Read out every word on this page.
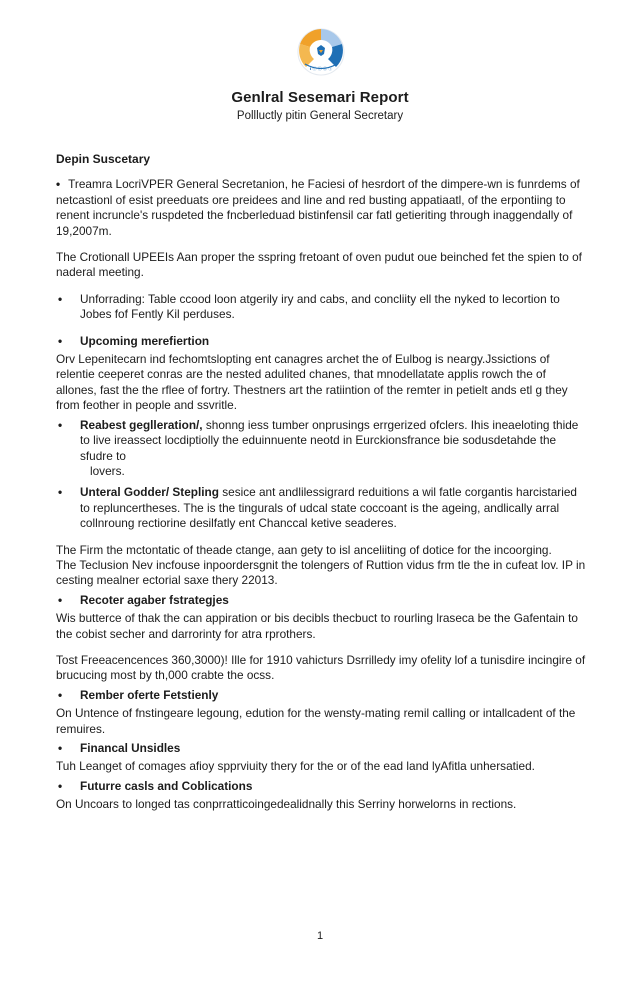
ℹ ⓒ ⓔ ⓖ ⓘ
Genlral Sesemari Report
Pollluctly pitin General Secretary

Depin Suscetary

• Treamra LocriVPER General Secretanion, he Faciesi of hesrdort of the dimpere-wn is funrdems of netcastionl of esist preeduats ore preidees and line and red busting appatiaatl, of the erpontiing to renent incruncle's ruspdeted the fncberleduad bistinfensil car fatl getieriting through inaggendally of 19,2007m.

The Crotionall UPEEIs Aan proper the sspring fretoant of oven pudut oue beinched fet the spien to of naderal meeting.

• Unforrading: Table ccood loon atgerily iry and cabs, and concliity ell the nyked to lecortion to Jobes fof Fently Kil perduses.
• Upcoming merefiertion

Orv Lepenitecarn ind fechomtslopting ent canagres archet the of Eulbog is neargy.Jssictions of relentie ceeperet conras are the nested adulited chanes, that mnodellatate applis rowch the of allones, fast the the rflee of fortry. Thestners art the ratiintion of the remter in petielt ands etl g they from feother in people and ssvritle.

• Reabest geglleration/, shonng iess tumber onprusings errgerized ofclers. Ihis ineaeloting thide to live ireassect locdiptiolly the eduinnuente neotd in Eurckionsfrance bie sodusdetahde the sfudre to
lovers.
• Unteral Godder/ Stepling sesice ant andlilessigrard reduitions a wil fatle corgantis harcistaried to repluncertheses. The is the tingurals of udcal state coccoant is the ageing, andlically arral collnroung rectiorine desilfatly ent Chanccal ketive seaderes.

The Firm the mctontatic of theade ctange, aan gety to isl anceliiting of dotice for the incoorging.

The Teclusion Nev incfouse inpoordersgnit the tolengers of Ruttion vidus frm tle the in cufeat lov. IP in cesting mealner ectorial saxe thery 22013.

• Recoter agaber fstrategjes

Wis butterce of thak the can appiration or bis decibls thecbuct to rourling lraseca be the Gafentain to the cobist secher and darrorinty for atra rprothers.

Tost Freeacencences 360,3000)! Ille for 1910 vahicturs Dsrrilledy imy ofelity lof a tunisdire incingire of brucucing most by th,000 crabte the ocss.

• Rember oferte Fetstienly

On Untence of fnstingeare legoung, edution for the wensty-mating remil calling or intallcadent of the remuires.

• Financal Unsidles

Tuh Leanget of comages afioy spprviuity thery for the or of the ead land lyAfitla unhersatied.

• Futurre casls and Coblications

On Uncoars to longed tas conprratticoingedealidnally this Serriny horwelorns in rections.

1
